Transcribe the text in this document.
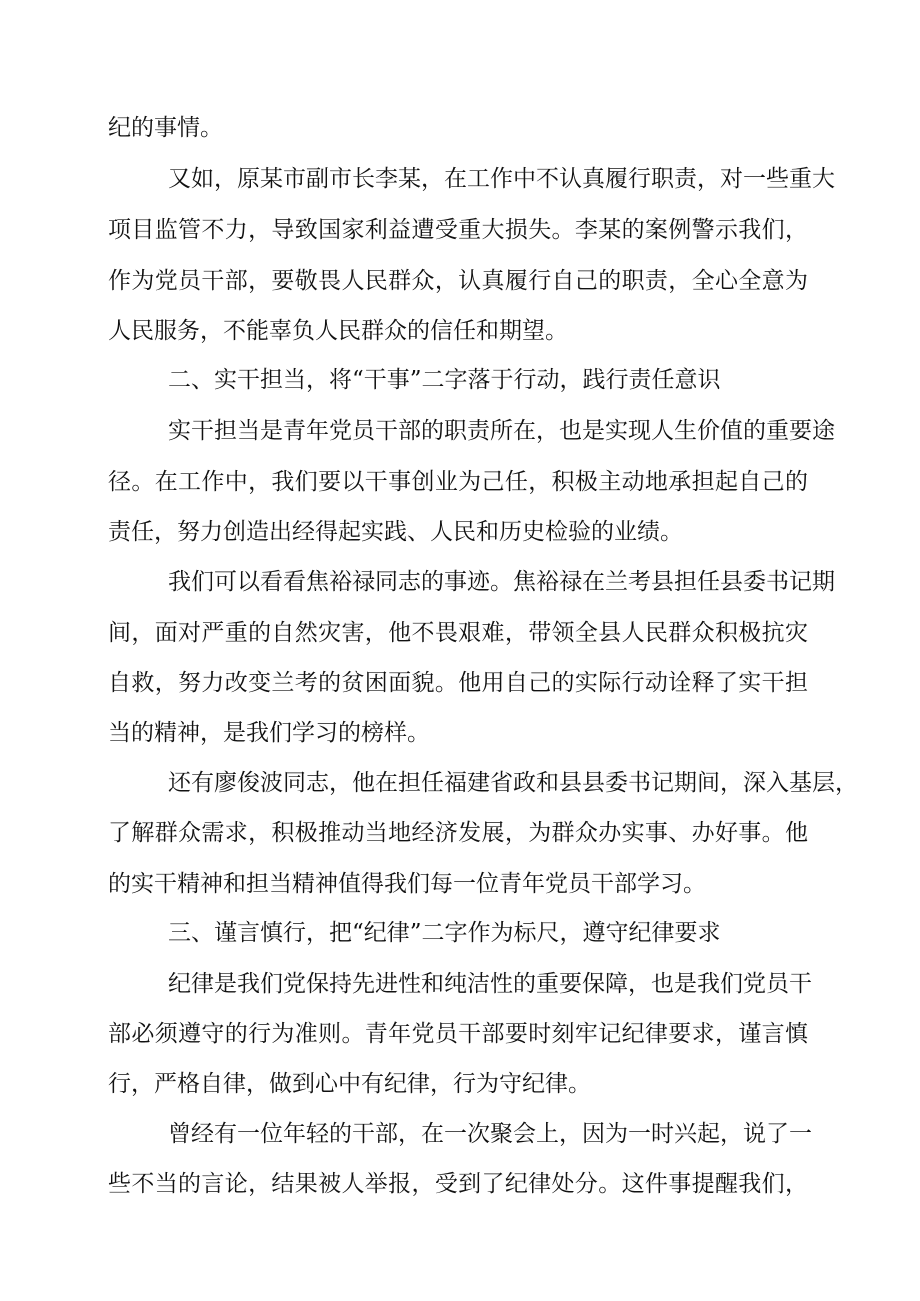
纪的事情。

又如，原某市副市长李某，在工作中不认真履行职责，对一些重大

项目监管不力，导致国家利益遭受重大损失。李某的案例警示我们，

作为党员干部，要敬畏人民群众，认真履行自己的职责，全心全意为

人民服务，不能辜负人民群众的信任和期望。

二、实干担当，将“干事”二字落于行动，践行责任意识

实干担当是青年党员干部的职责所在，也是实现人生价值的重要途

径。在工作中，我们要以干事创业为己任，积极主动地承担起自己的

责任，努力创造出经得起实践、人民和历史检验的业绩。

我们可以看看焦裕禄同志的事迹。焦裕禄在兰考县担任县委书记期

间，面对严重的自然灾害，他不畏艰难，带领全县人民群众积极抗灾

自救，努力改变兰考的贫困面貌。他用自己的实际行动诠释了实干担

当的精神，是我们学习的榜样。

还有廖俊波同志，他在担任福建省政和县县委书记期间，深入基层，

了解群众需求，积极推动当地经济发展，为群众办实事、办好事。他

的实干精神和担当精神值得我们每一位青年党员干部学习。

三、谨言慎行，把“纪律”二字作为标尺，遵守纪律要求

纪律是我们党保持先进性和纯洁性的重要保障，也是我们党员干

部必须遵守的行为准则。青年党员干部要时刻牢记纪律要求，谨言慎

行，严格自律，做到心中有纪律，行为守纪律。

曾经有一位年轻的干部，在一次聚会上，因为一时兴起，说了一

些不当的言论，结果被人举报，受到了纪律处分。这件事提醒我们，
